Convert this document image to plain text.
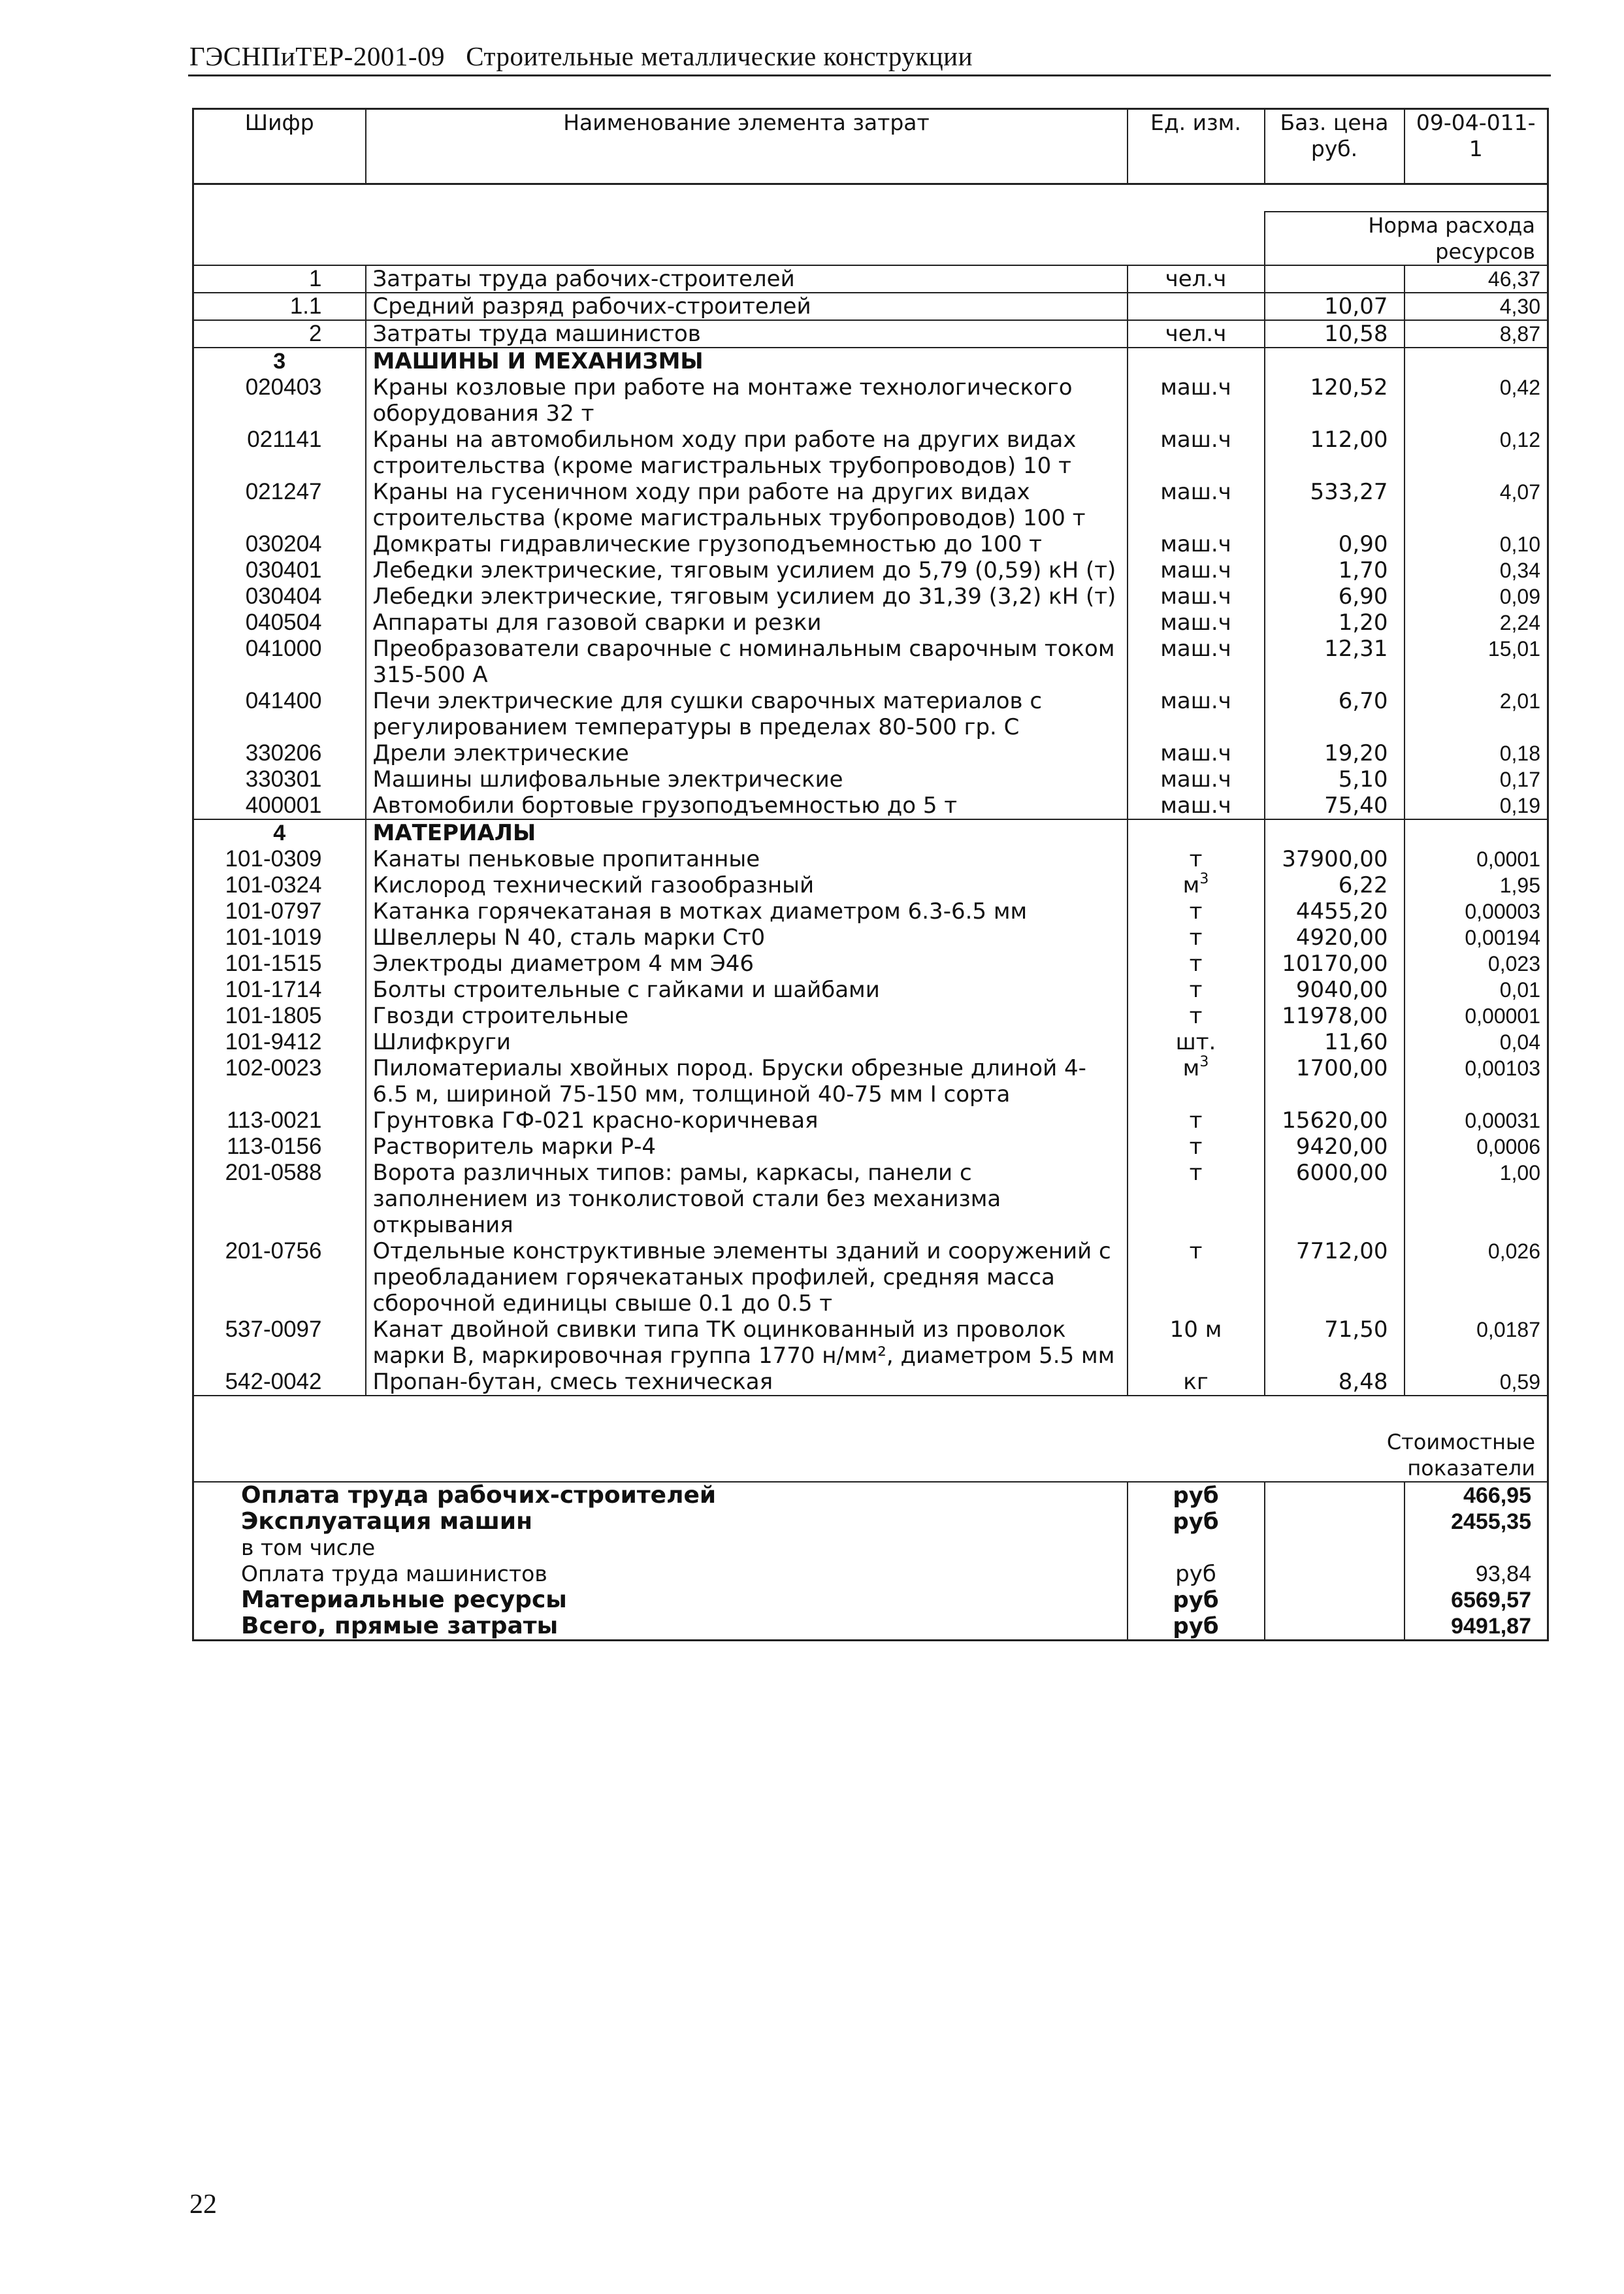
ГЭСНПиТЕР-2001-09 Строительные металлические конструкции
Шифр	Наименование элемента затрат	Ед. изм.	Баз. цена руб.	09-04-011-1

			Норма расхода ресурсов	
1	Затраты труда рабочих-строителей	чел.ч		46,37
1.1	Средний разряд рабочих-строителей		10,07	4,30
2	Затраты труда машинистов	чел.ч	10,58	8,87
3	МАШИНЫ И МЕХАНИЗМЫ			
020403	Краны козловые при работе на монтаже технологического оборудования 32 т	маш.ч	120,52	0,42
021141	Краны на автомобильном ходу при работе на других видах строительства (кроме магистральных трубопроводов) 10 т	маш.ч	112,00	0,12
021247	Краны на гусеничном ходу при работе на других видах строительства (кроме магистральных трубопроводов) 100 т	маш.ч	533,27	4,07
030204	Домкраты гидравлические грузоподъемностью до 100 т	маш.ч	0,90	0,10
030401	Лебедки электрические, тяговым усилием до 5,79 (0,59) кН (т)	маш.ч	1,70	0,34
030404	Лебедки электрические, тяговым усилием до 31,39 (3,2) кН (т)	маш.ч	6,90	0,09
040504	Аппараты для газовой сварки и резки	маш.ч	1,20	2,24
041000	Преобразователи сварочные с номинальным сварочным током 315-500 А	маш.ч	12,31	15,01
041400	Печи электрические для сушки сварочных материалов с регулированием температуры в пределах 80-500 гр. С	маш.ч	6,70	2,01
330206	Дрели электрические	маш.ч	19,20	0,18
330301	Машины шлифовальные электрические	маш.ч	5,10	0,17
400001	Автомобили бортовые грузоподъемностью до 5 т	маш.ч	75,40	0,19
4	МАТЕРИАЛЫ			
101-0309	Канаты пеньковые пропитанные	т	37900,00	0,0001
101-0324	Кислород технический газообразный	$м^3$	6,22	1,95
101-0797	Катанка горячекатаная в мотках диаметром 6.3-6.5 мм	т	4455,20	0,00003
101-1019	Швеллеры N 40, сталь марки Ст0	т	4920,00	0,00194
101-1515	Электроды диаметром 4 мм Э46	т	10170,00	0,023
101-1714	Болты строительные с гайками и шайбами	т	9040,00	0,01
101-1805	Гвозди строительные	т	11978,00	0,00001
101-9412	Шлифкруги	шт.	11,60	0,04
102-0023	Пиломатериалы хвойных пород. Бруски обрезные длиной 4-6.5 м, шириной 75-150 мм, толщиной 40-75 мм I сорта	$м^3$	1700,00	0,00103
113-0021	Грунтовка ГФ-021 красно-коричневая	т	15620,00	0,00031
113-0156	Растворитель марки Р-4	т	9420,00	0,0006
201-0588	Ворота различных типов: рамы, каркасы, панели с заполнением из тонколистовой стали без механизма открывания	т	6000,00	1,00
201-0756	Отдельные конструктивные элементы зданий и сооружений с преобладанием горячекатаных профилей, средняя масса сборочной единицы свыше 0.1 до 0.5 т	т	7712,00	0,026
537-0097	Канат двойной свивки типа ТК оцинкованный из проволок марки В, маркировочная группа 1770 н/мм², диаметром 5.5 мм	10 м	71,50	0,0187
542-0042	Пропан-бутан, смесь техническая	кг	8,48	0,59

			Стоимостные показатели	
Оплата труда рабочих-строителей		руб		466,95
Эксплуатация машин		руб		2455,35
в том числе				
Оплата труда машинистов		руб		93,84
Материальные ресурсы		руб		6569,57
Всего, прямые затраты		руб		9491,87
22
